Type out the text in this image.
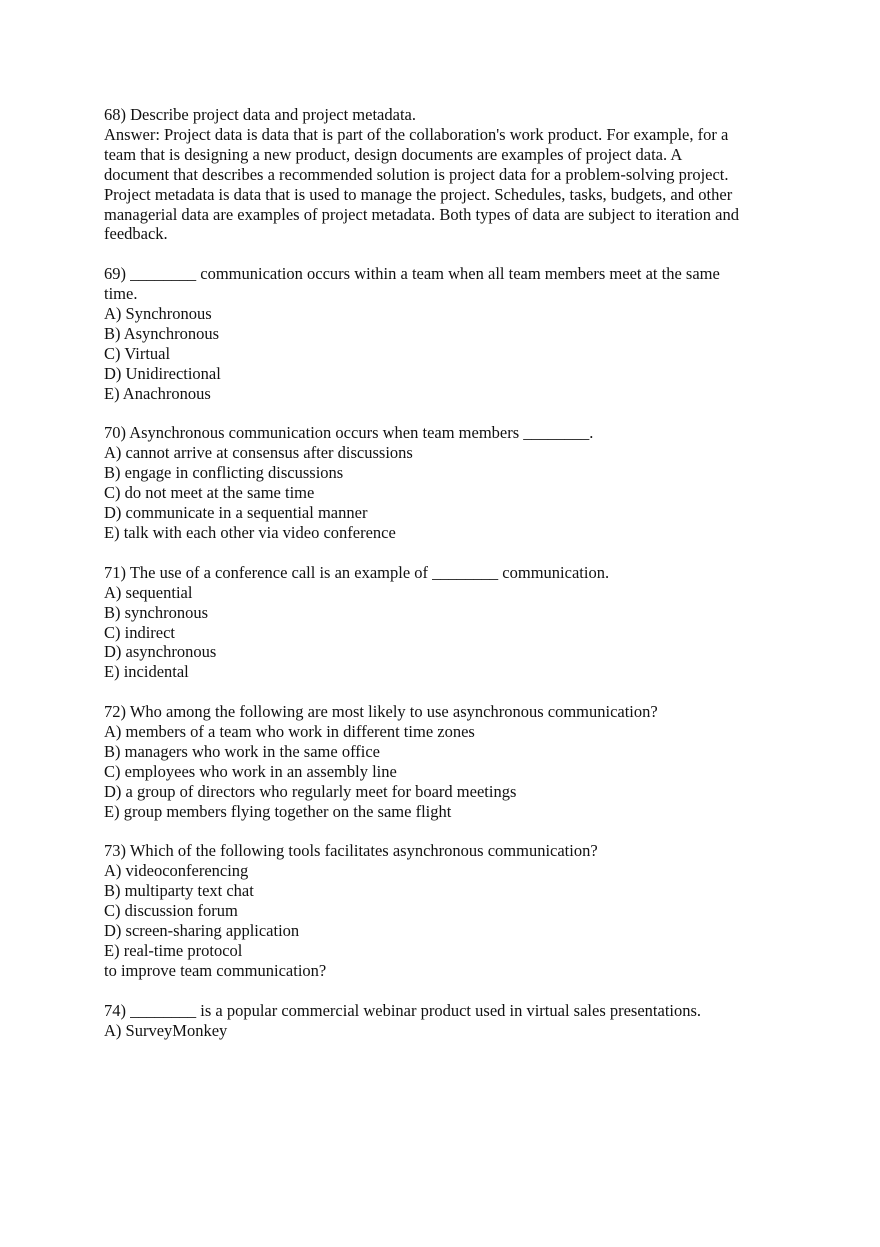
68) Describe project data and project metadata.
Answer: Project data is data that is part of the collaboration's work product. For example, for a
team that is designing a new product, design documents are examples of project data. A
document that describes a recommended solution is project data for a problem-solving project.
Project metadata is data that is used to manage the project. Schedules, tasks, budgets, and other
managerial data are examples of project metadata. Both types of data are subject to iteration and
feedback.
69) ________ communication occurs within a team when all team members meet at the same
time.
A) Synchronous
B) Asynchronous
C) Virtual
D) Unidirectional
E) Anachronous
70) Asynchronous communication occurs when team members ________.
A) cannot arrive at consensus after discussions
B) engage in conflicting discussions
C) do not meet at the same time
D) communicate in a sequential manner
E) talk with each other via video conference
71) The use of a conference call is an example of ________ communication.
A) sequential
B) synchronous
C) indirect
D) asynchronous
E) incidental
72) Who among the following are most likely to use asynchronous communication?
A) members of a team who work in different time zones
B) managers who work in the same office
C) employees who work in an assembly line
D) a group of directors who regularly meet for board meetings
E) group members flying together on the same flight
73) Which of the following tools facilitates asynchronous communication?
A) videoconferencing
B) multiparty text chat
C) discussion forum
D) screen-sharing application
E) real-time protocol
to improve team communication?
74) ________ is a popular commercial webinar product used in virtual sales presentations.
A) SurveyMonkey
